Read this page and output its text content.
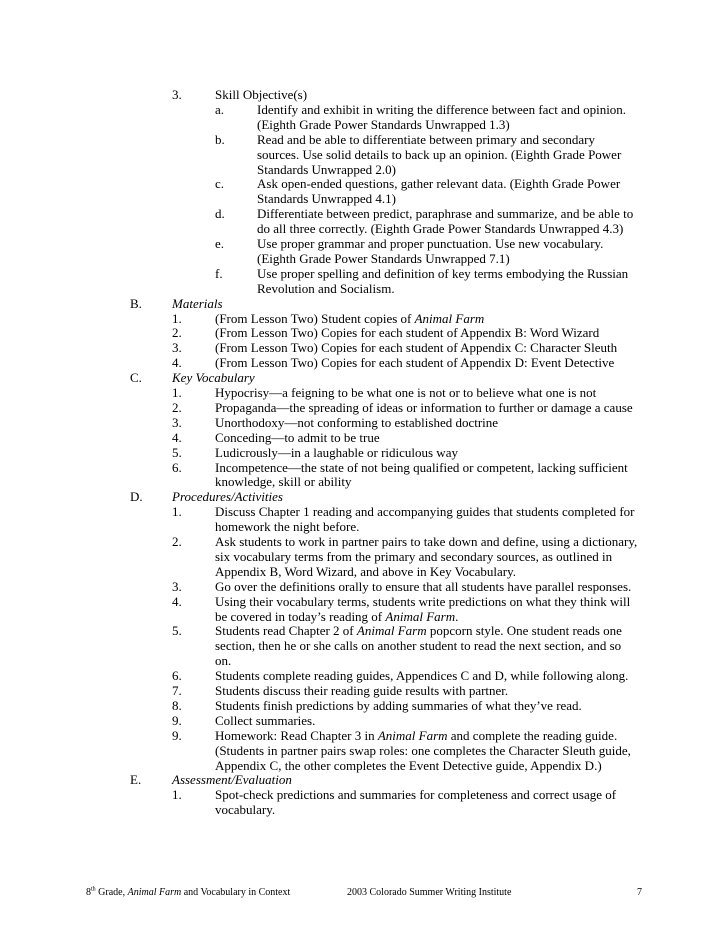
3.	Skill Objective(s)
a.	Identify and exhibit in writing the difference between fact and opinion.
(Eighth Grade Power Standards Unwrapped 1.3)
b. Read and be able to differentiate between primary and secondary
sources. Use solid details to back up an opinion. (Eighth Grade Power
Standards Unwrapped 2.0)
c.	Ask open-ended questions, gather relevant data. (Eighth Grade Power
Standards Unwrapped 4.1)
d. Differentiate between predict, paraphrase and summarize, and be able to
do all three correctly. (Eighth Grade Power Standards Unwrapped 4.3)
e.	Use proper grammar and proper punctuation. Use new vocabulary.
(Eighth Grade Power Standards Unwrapped 7.1)
f.	Use proper spelling and definition of key terms embodying the Russian
Revolution and Socialism.
B. Materials
1.	(From Lesson Two) Student copies of Animal Farm
2.	(From Lesson Two) Copies for each student of Appendix B: Word Wizard
3.	(From Lesson Two) Copies for each student of Appendix C: Character Sleuth
4.	(From Lesson Two) Copies for each student of Appendix D: Event Detective
C. Key Vocabulary
1.	Hypocrisy—a feigning to be what one is not or to believe what one is not
2.	Propaganda—the spreading of ideas or information to further or damage a cause
3.	Unorthodoxy—not conforming to established doctrine
4.	Conceding—to admit to be true
5.	Ludicrously—in a laughable or ridiculous way
6.	Incompetence—the state of not being qualified or competent, lacking sufficient
knowledge, skill or ability
D. Procedures/Activities
1.	Discuss Chapter 1 reading and accompanying guides that students completed for
homework the night before.
2.	Ask students to work in partner pairs to take down and define, using a dictionary,
six vocabulary terms from the primary and secondary sources, as outlined in
Appendix B, Word Wizard, and above in Key Vocabulary.
3.	Go over the definitions orally to ensure that all students have parallel responses.
4.	Using their vocabulary terms, students write predictions on what they think will
be covered in today’s reading of Animal Farm.
5.	Students read Chapter 2 of Animal Farm popcorn style. One student reads one
section, then he or she calls on another student to read the next section, and so
on.
6.	Students complete reading guides, Appendices C and D, while following along.
7.	Students discuss their reading guide results with partner.
8.	Students finish predictions by adding summaries of what they’ve read.
9.	Collect summaries.
9.	Homework: Read Chapter 3 in Animal Farm and complete the reading guide.
(Students in partner pairs swap roles: one completes the Character Sleuth guide,
Appendix C, the other completes the Event Detective guide, Appendix D.)
E. Assessment/Evaluation
1.	Spot-check predictions and summaries for completeness and correct usage of
vocabulary.
8th Grade, Animal Farm and Vocabulary in Context	2003 Colorado Summer Writing Institute	7
